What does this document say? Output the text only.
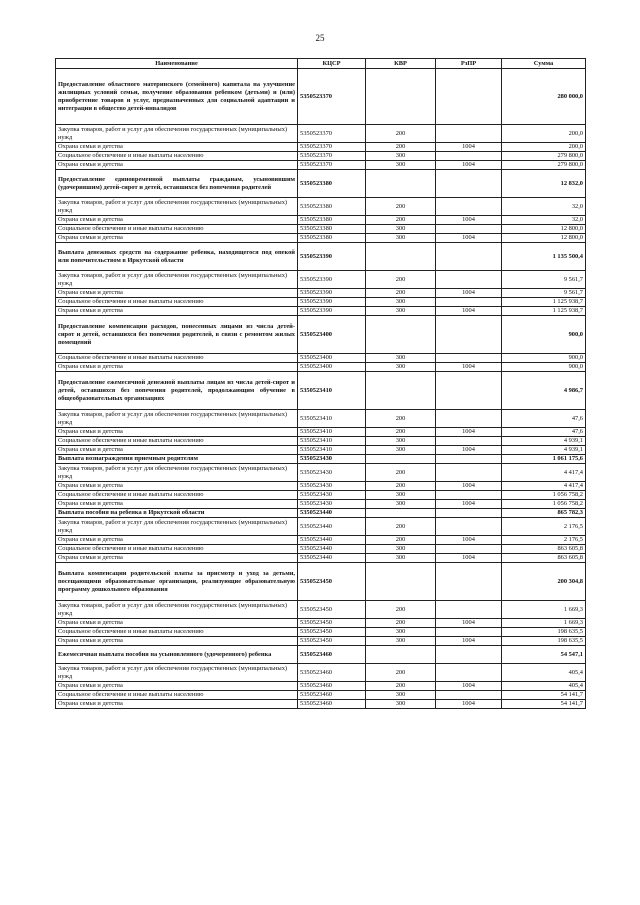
25
Наименование	КЦСР	КВР	РзПР	Сумма
Предоставление областного материнского (семейного) капитала на улучшение жилищных условий семьи, получение образования ребенком (детьми) и (или) приобретение товаров и услуг, предназначенных для социальной адаптации и интеграции в общество детей-инвалидов	5350523370			280 000,0
Закупка товаров, работ и услуг для обеспечения государственных (муниципальных) нужд	5350523370	200		200,0
Охрана семьи и детства	5350523370	200	1004	200,0
Социальное обеспечение и иные выплаты населению	5350523370	300		279 800,0
Охрана семьи и детства	5350523370	300	1004	279 800,0
Предоставление единовременной выплаты гражданам, усыновившим (удочерившим) детей-сирот и детей, оставшихся без попечения родителей	5350523380			12 832,0
Закупка товаров, работ и услуг для обеспечения государственных (муниципальных) нужд	5350523380	200		32,0
Охрана семьи и детства	5350523380	200	1004	32,0
Социальное обеспечение и иные выплаты населению	5350523380	300		12 800,0
Охрана семьи и детства	5350523380	300	1004	12 800,0
Выплата денежных средств на содержание ребенка, находящегося под опекой или попечительством в Иркутской области	5350523390			1 135 500,4
Закупка товаров, работ и услуг для обеспечения государственных (муниципальных) нужд	5350523390	200		9 561,7
Охрана семьи и детства	5350523390	200	1004	9 561,7
Социальное обеспечение и иные выплаты населению	5350523390	300		1 125 938,7
Охрана семьи и детства	5350523390	300	1004	1 125 938,7
Предоставление компенсации расходов, понесенных лицами из числа детей-сирот и детей, оставшихся без попечения родителей, в связи с ремонтом жилых помещений	5350523400			900,0
Социальное обеспечение и иные выплаты населению	5350523400	300		900,0
Охрана семьи и детства	5350523400	300	1004	900,0
Предоставление ежемесячной денежной выплаты лицам из числа детей-сирот и детей, оставшихся без попечения родителей, продолжающим обучение в общеобразовательных организациях	5350523410			4 986,7
Закупка товаров, работ и услуг для обеспечения государственных (муниципальных) нужд	5350523410	200		47,6
Охрана семьи и детства	5350523410	200	1004	47,6
Социальное обеспечение и иные выплаты населению	5350523410	300		4 939,1
Охрана семьи и детства	5350523410	300	1004	4 939,1
Выплата вознаграждения приемным родителям	5350523430			1 061 175,6
Закупка товаров, работ и услуг для обеспечения государственных (муниципальных) нужд	5350523430	200		4 417,4
Охрана семьи и детства	5350523430	200	1004	4 417,4
Социальное обеспечение и иные выплаты населению	5350523430	300		1 056 758,2
Охрана семьи и детства	5350523430	300	1004	1 056 758,2
Выплата пособия на ребенка в Иркутской области	5350523440			865 782,3
Закупка товаров, работ и услуг для обеспечения государственных (муниципальных) нужд	5350523440	200		2 176,5
Охрана семьи и детства	5350523440	200	1004	2 176,5
Социальное обеспечение и иные выплаты населению	5350523440	300		863 605,8
Охрана семьи и детства	5350523440	300	1004	863 605,8
Выплата компенсации родительской платы за присмотр и уход за детьми, посещающими образовательные организации, реализующие образовательную программу дошкольного образования	5350523450			200 304,8
Закупка товаров, работ и услуг для обеспечения государственных (муниципальных) нужд	5350523450	200		1 669,3
Охрана семьи и детства	5350523450	200	1004	1 669,3
Социальное обеспечение и иные выплаты населению	5350523450	300		198 635,5
Охрана семьи и детства	5350523450	300	1004	198 635,5
Ежемесячная выплата пособия на усыновленного (удочеренного) ребенка	5350523460			54 547,1
Закупка товаров, работ и услуг для обеспечения государственных (муниципальных) нужд	5350523460	200		405,4
Охрана семьи и детства	5350523460	200	1004	405,4
Социальное обеспечение и иные выплаты населению	5350523460	300		54 141,7
Охрана семьи и детства	5350523460	300	1004	54 141,7
